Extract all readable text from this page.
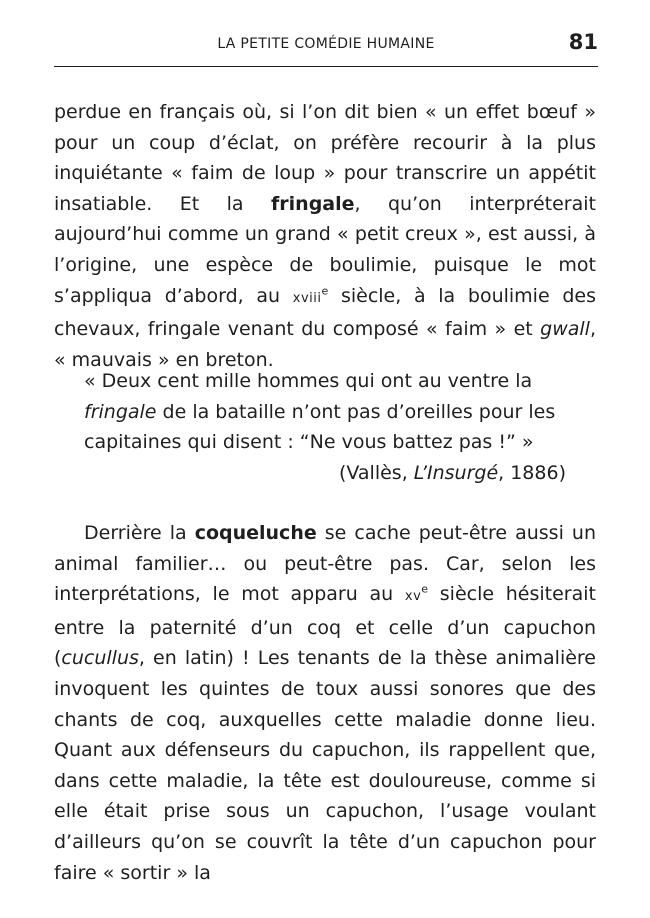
LA PETITE COMÉDIE HUMAINE	81

perdue en français où, si l’on dit bien « un effet bœuf » pour un coup d’éclat, on préfère recourir à la plus inquiétante « faim de loup » pour transcrire un appétit insatiable. Et la fringale, qu’on interpréterait aujourd’hui comme un grand « petit creux », est aussi, à l’origine, une espèce de boulimie, puisque le mot s’appliqua d’abord, au xviii$^e$ siècle, à la boulimie des chevaux, fringale venant du composé « faim » et gwall, « mauvais » en breton.

« Deux cent mille hommes qui ont au ventre la
fringale de la bataille n’ont pas d’oreilles pour les
capitaines qui disent : “Ne vous battez pas !” »
(Vallès, L’Insurgé, 1886)

Derrière la coqueluche se cache peut-être aussi un animal familier… ou peut-être pas. Car, selon les interprétations, le mot apparu au $xv^e$ siècle hésiterait entre la paternité d’un coq et celle d’un capuchon (cucullus, en latin) ! Les tenants de la thèse animalière invoquent les quintes de toux aussi sonores que des chants de coq, auxquelles cette maladie donne lieu. Quant aux défenseurs du capuchon, ils rappellent que, dans cette maladie, la tête est douloureuse, comme si elle était prise sous un capuchon, l’usage voulant d’ailleurs qu’on se couvrît la tête d’un capuchon pour faire « sortir » la
